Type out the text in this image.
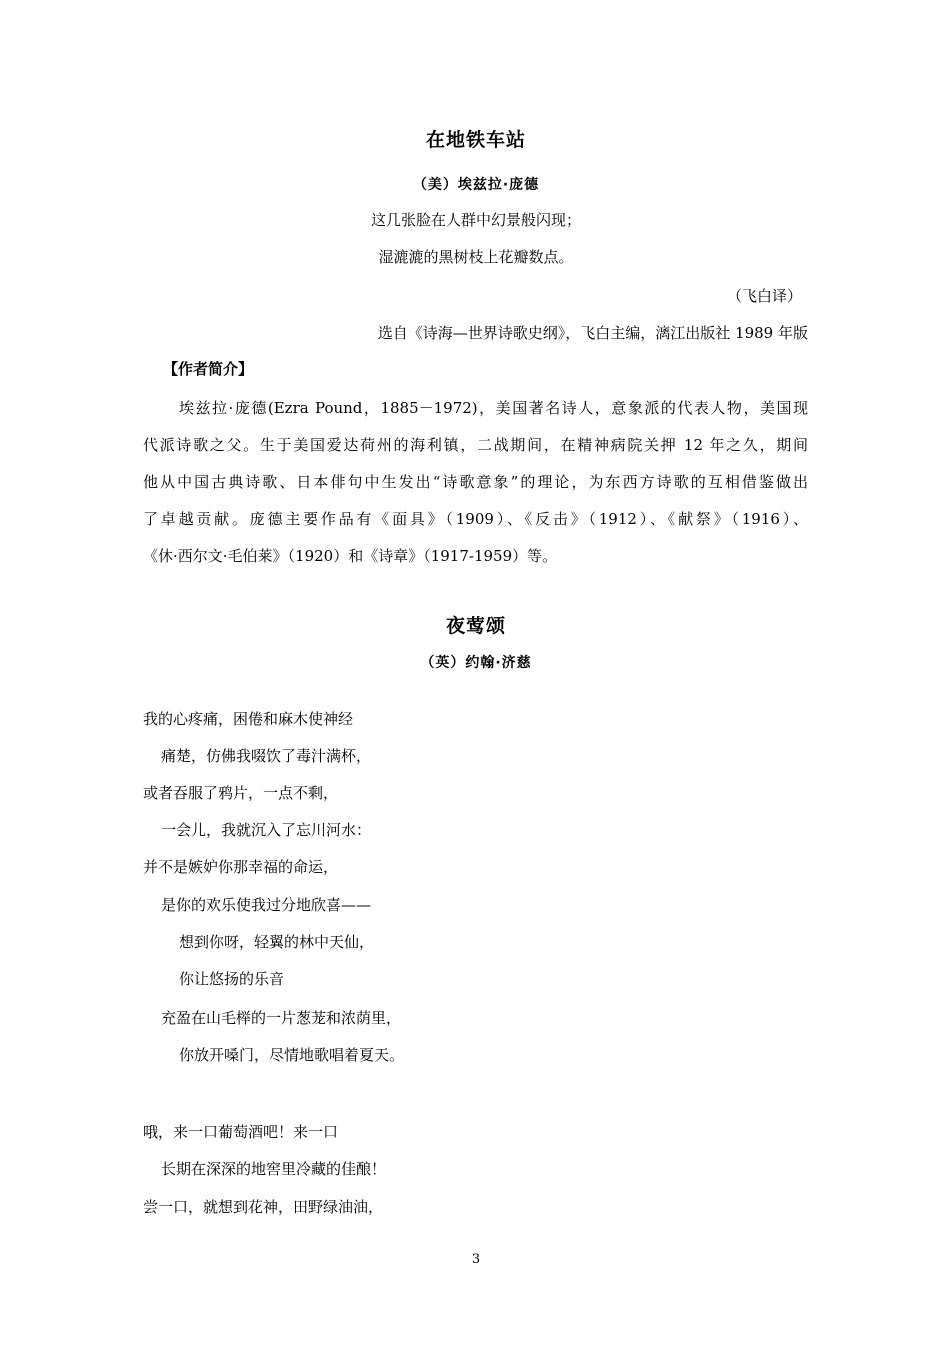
在地铁车站
（美）埃兹拉·庞德
这几张脸在人群中幻景般闪现；
湿漉漉的黑树枝上花瓣数点。
（飞白译）
选自《诗海—世界诗歌史纲》，飞白主编，漓江出版社 1989 年版
【作者简介】
埃兹拉·庞德(Ezra Pound，1885－1972)，美国著名诗人，意象派的代表人物，美国现
代派诗歌之父。生于美国爱达荷州的海利镇，二战期间，在精神病院关押 12 年之久，期间
他从中国古典诗歌、日本俳句中生发出“诗歌意象”的理论，为东西方诗歌的互相借鉴做出
了卓越贡献。庞德主要作品有《面具》（1909）、《反击》（1912）、《献祭》（1916）、
《休·西尔文·毛伯莱》（1920）和《诗章》（1917-1959）等。
夜莺颂
（英）约翰·济慈
我的心疼痛，困倦和麻木使神经
痛楚，仿佛我啜饮了毒汁满杯，
或者吞服了鸦片，一点不剩，
一会儿，我就沉入了忘川河水：
并不是嫉妒你那幸福的命运，
是你的欢乐使我过分地欣喜——
想到你呀，轻翼的林中天仙，
你让悠扬的乐音
充盈在山毛榉的一片葱茏和浓荫里，
你放开嗓门，尽情地歌唱着夏天。
哦，来一口葡萄酒吧！来一口
长期在深深的地窖里冷藏的佳酿！
尝一口，就想到花神，田野绿油油，
3
